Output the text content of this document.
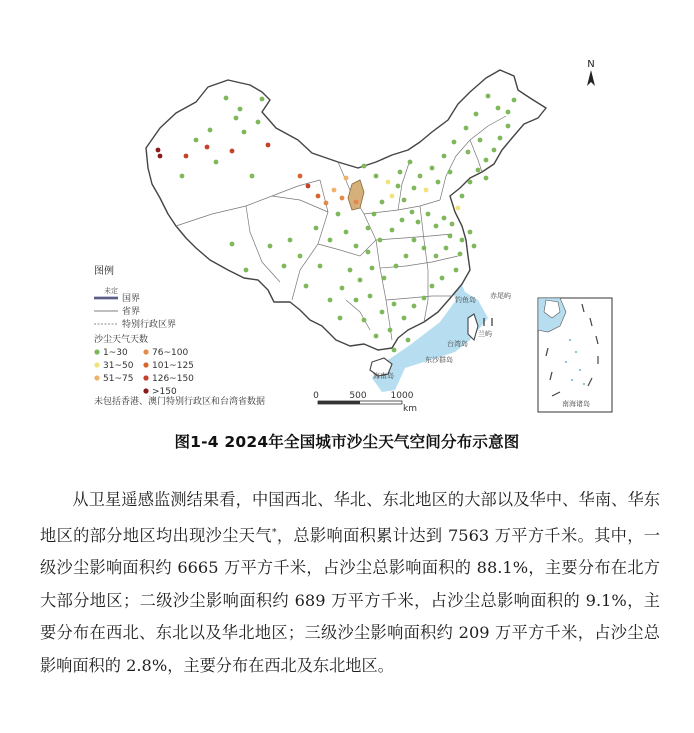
N
0	500	1000
km
钓鱼岛 赤尾屿
台湾岛
兰屿
东沙群岛
海南岛
南海诸岛
图例
未定
国界
省界
特别行政区界
沙尘天气天数
1~30
31~50
51~75
76~100
101~125
126~150
>150
未包括香港、澳门特别行政区和台湾省数据
图1-4 2024年全国城市沙尘天气空间分布示意图

从卫星遥感监测结果看，中国西北、华北、东北地区的大部以及华中、华南、华东地区的部分地区均出现沙尘天气*，总影响面积累计达到 7563 万平方千米。其中，一级沙尘影响面积约 6665 万平方千米，占沙尘总影响面积的 88.1%，主要分布在北方大部分地区；二级沙尘影响面积约 689 万平方千米，占沙尘总影响面积的 9.1%，主要分布在西北、东北以及华北地区；三级沙尘影响面积约 209 万平方千米，占沙尘总影响面积的 2.8%，主要分布在西北及东北地区。
